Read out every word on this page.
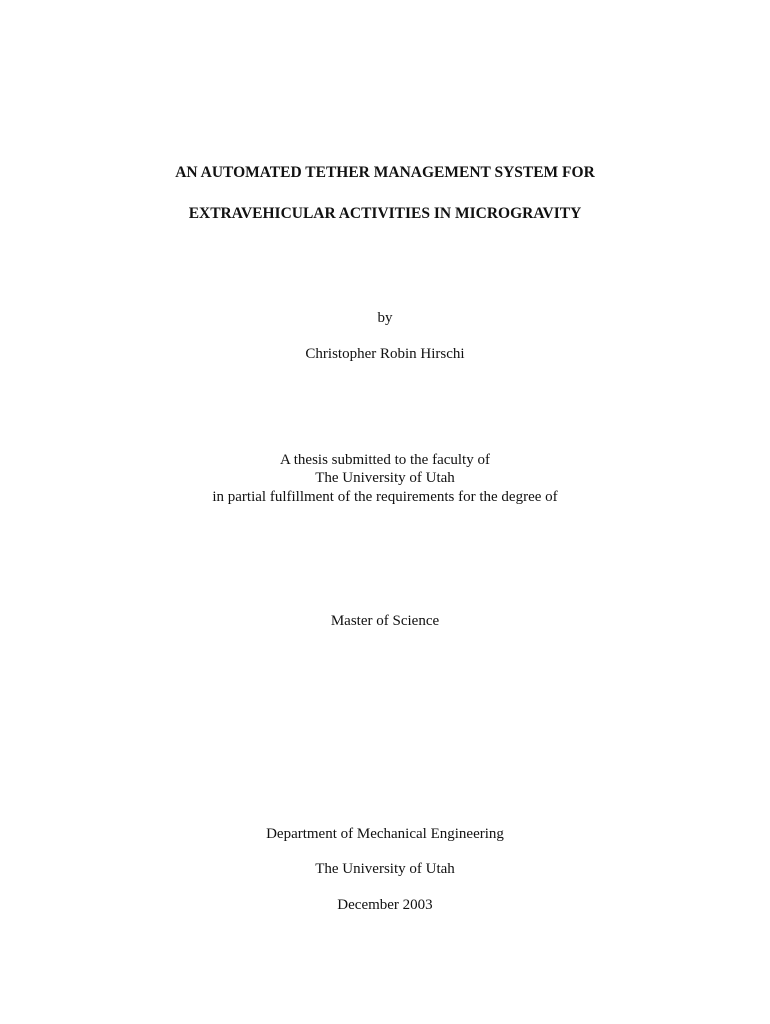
AN AUTOMATED TETHER MANAGEMENT SYSTEM FOR
EXTRAVEHICULAR ACTIVITIES IN MICROGRAVITY
by
Christopher Robin Hirschi
A thesis submitted to the faculty of
The University of Utah
in partial fulfillment of the requirements for the degree of
Master of Science
Department of Mechanical Engineering
The University of Utah
December 2003
